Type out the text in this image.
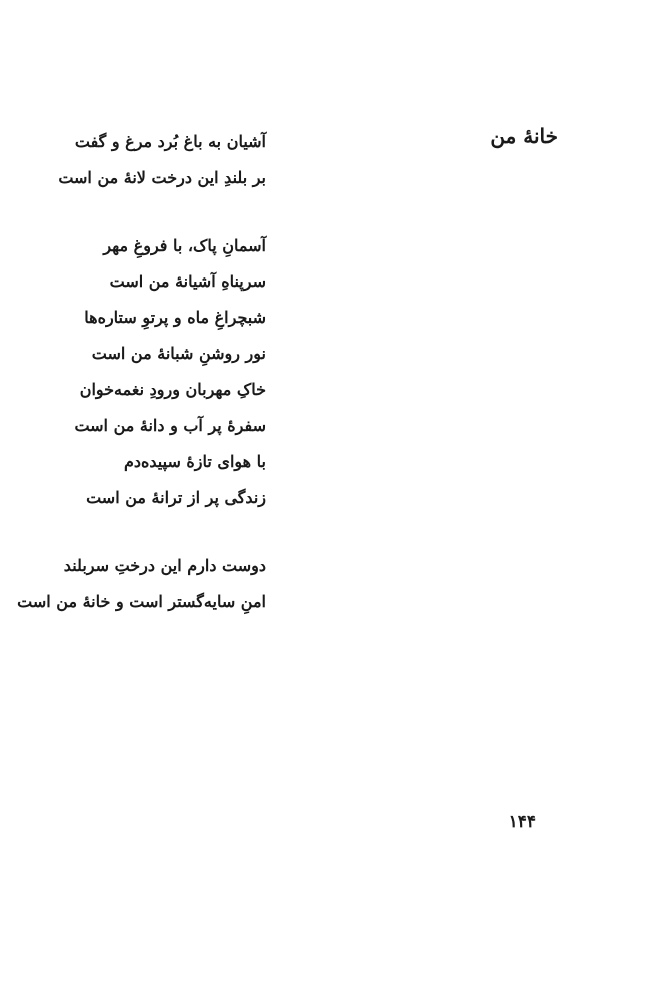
خانهٔ من
آشیان به باغ بُرد مرغ و گفت
بر بلندِ این درخت لانهٔ من است
آسمانِ پاک، با فروغِ مهر
سرپناهِ آشیانهٔ من است
شبچراغِ ماه و پرتوِ ستاره‌ها
نور روشنِ شبانهٔ من است
خاکِ مهربان ورودِ نغمه‌خوان
سفرهٔ پر آب و دانهٔ من است
با هوای تازهٔ سپیده‌دم
زندگی پر از ترانهٔ من است
دوست دارم این درختِ سربلند
امنِ سایه‌گستر است و خانهٔ من است
۱۴۴
